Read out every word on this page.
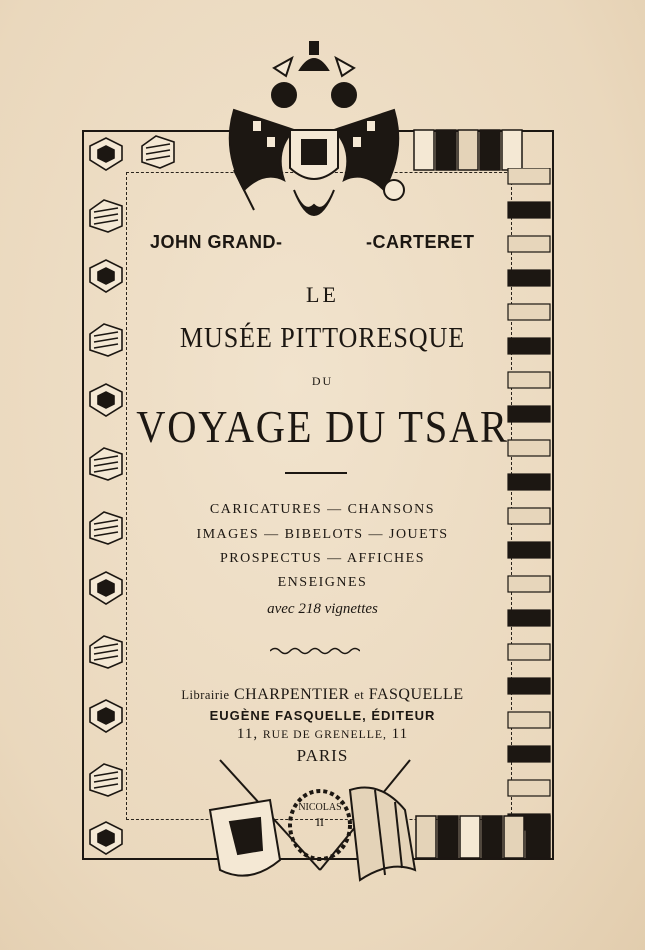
JOHN GRAND-	-CARTERET
LE
MUSÉE PITTORESQUE
DU
VOYAGE DU TSAR
CARICATURES — CHANSONS
IMAGES — BIBELOTS — JOUETS
PROSPECTUS — AFFICHES
ENSEIGNES
avec 218 vignettes
Librairie CHARPENTIER et FASQUELLE
EUGÈNE FASQUELLE, ÉDITEUR
11, RUE DE GRENELLE, 11
PARIS
NICOLAS
II
